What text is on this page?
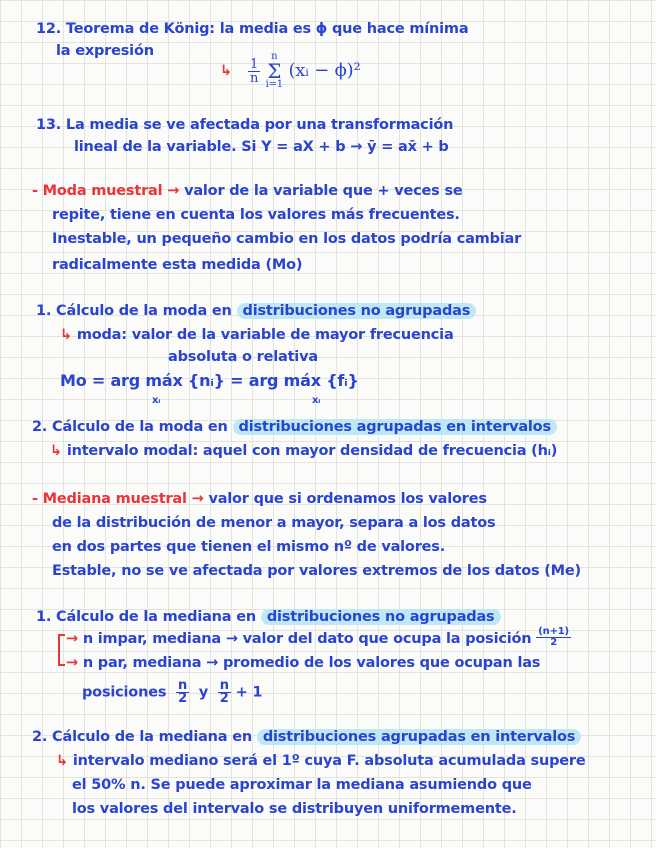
12. Teorema de König: la media es ϕ que hace mínima
la expresión
↳ $\frac{1}{n}$

n
Σ
i=1
(xᵢ − ϕ)²
13. La media se ve afectada por una transformación
lineal de la variable. Si Y = aX + b → ȳ = ax̄ + b
- Moda muestral → valor de la variable que + veces se
repite, tiene en cuenta los valores más frecuentes.
Inestable, un pequeño cambio en los datos podría cambiar
radicalmente esta medida (Mo)
1. Cálculo de la moda en distribuciones no agrupadas
↳ moda: valor de la variable de mayor frecuencia
absoluta o relativa
Mo = arg máx {nᵢ} = arg máx {fᵢ}
xᵢ	xᵢ
2. Cálculo de la moda en distribuciones agrupadas en intervalos
↳ intervalo modal: aquel con mayor densidad de frecuencia (hᵢ)
- Mediana muestral → valor que si ordenamos los valores
de la distribución de menor a mayor, separa a los datos
en dos partes que tienen el mismo nº de valores.
Estable, no se ve afectada por valores extremos de los datos (Me)
1. Cálculo de la mediana en distribuciones no agrupadas
→ n impar, mediana → valor del dato que ocupa la posición $\frac{(n+1)}{2}$
→ n par, mediana → promedio de los valores que ocupan las
posiciones $\frac{n}{2}$ y $\frac{n}{2} + 1$
2. Cálculo de la mediana en distribuciones agrupadas en intervalos
↳ intervalo mediano será el 1º cuya F. absoluta acumulada supere
el 50% n. Se puede aproximar la mediana asumiendo que
los valores del intervalo se distribuyen uniformemente.
